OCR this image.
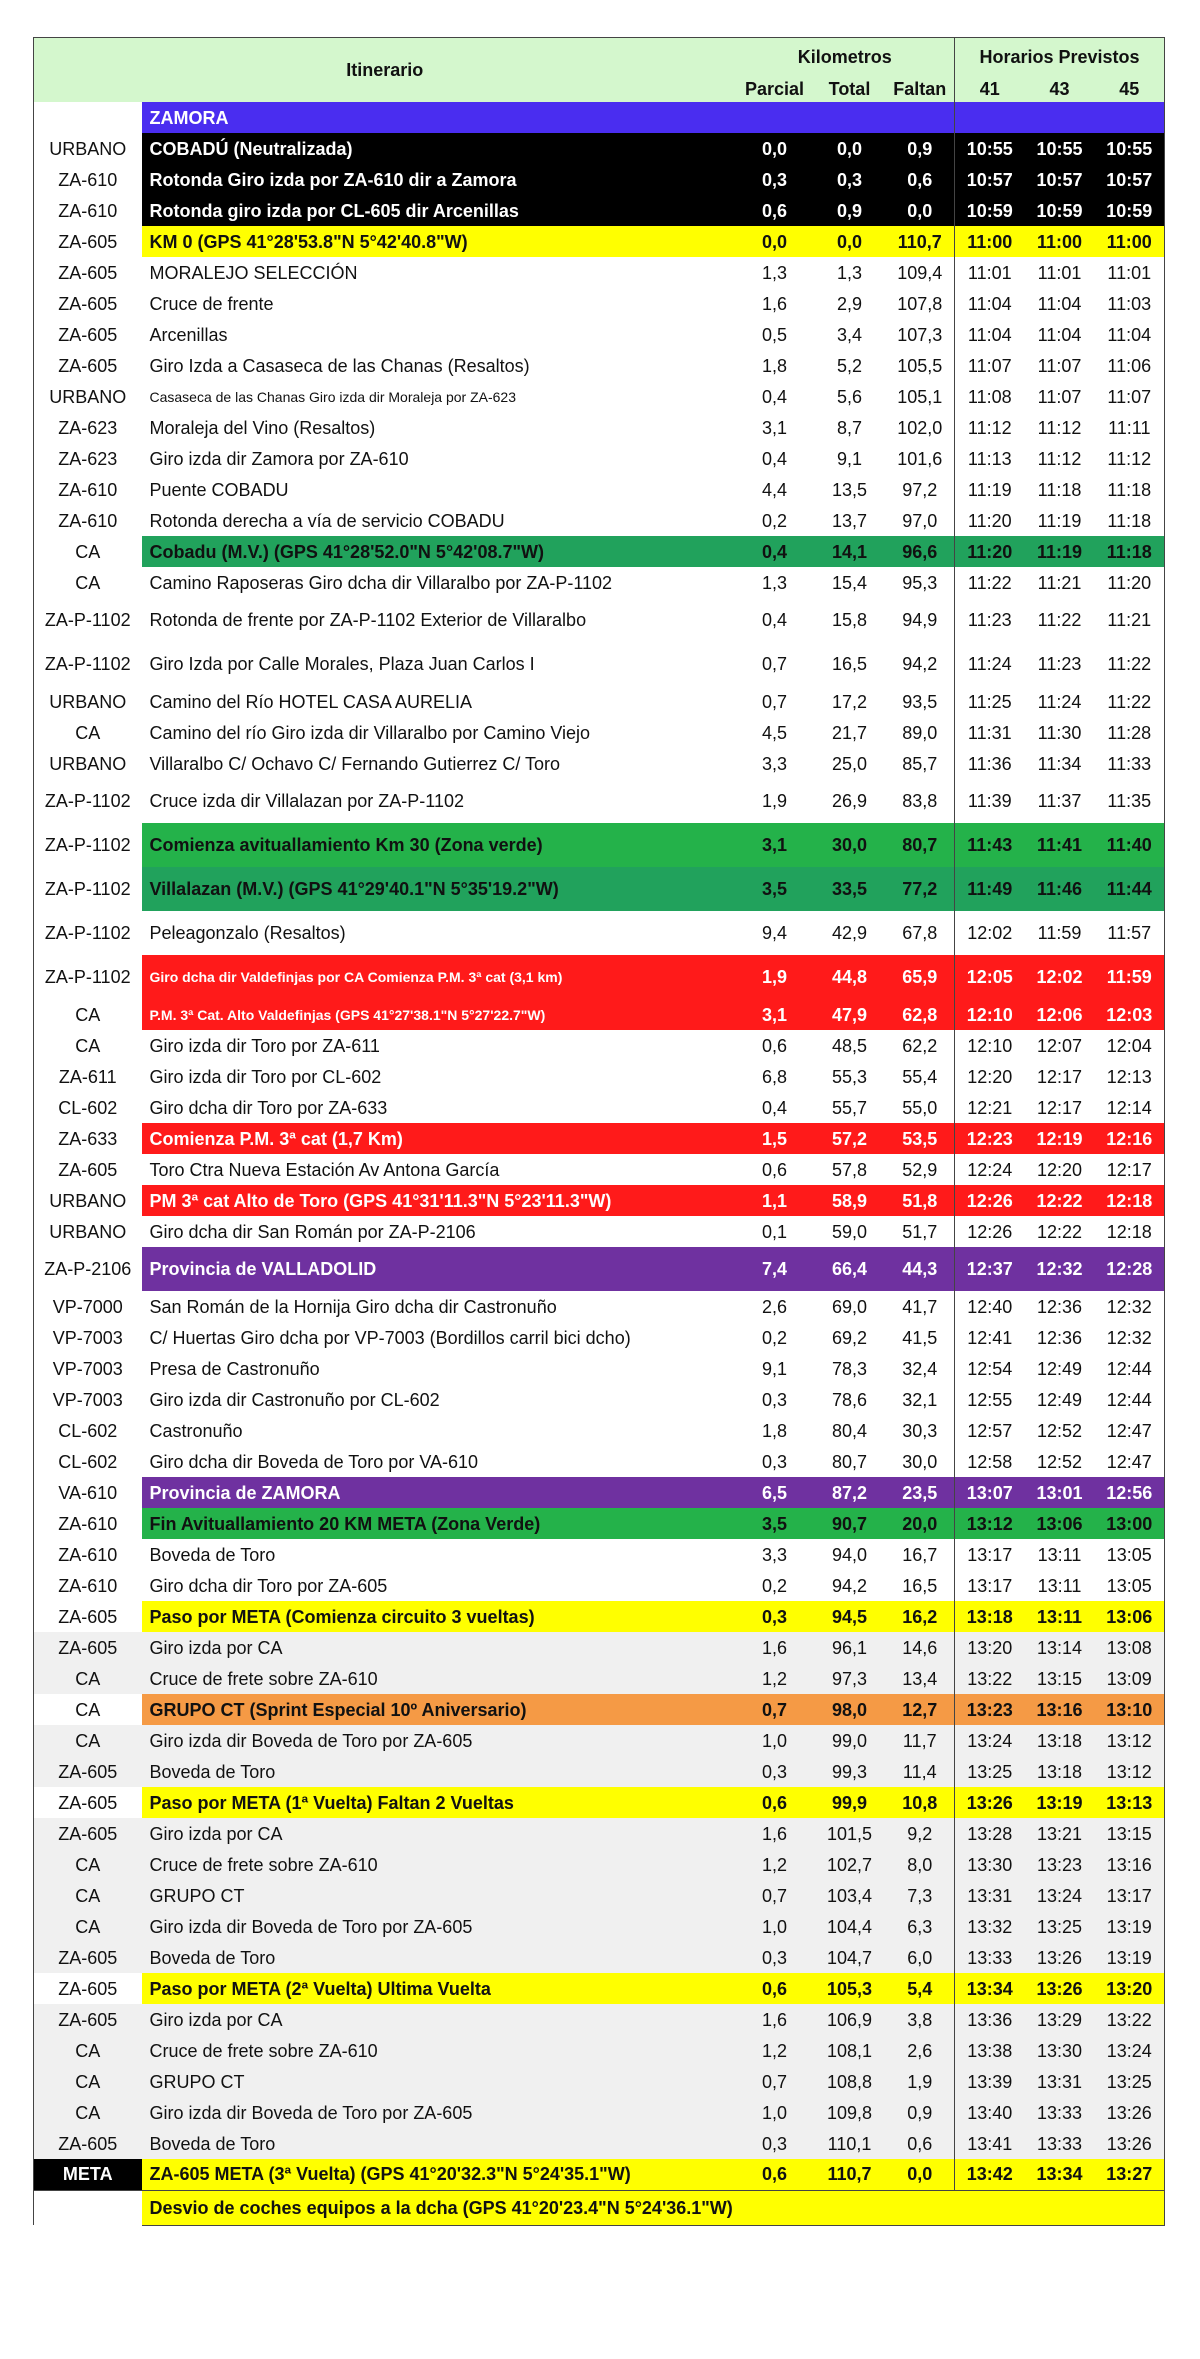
Itinerario		Kilometros			Horarios Previstos		
		Parcial	Total	Faltan	41	43	45
	ZAMORA						
URBANO	COBADÚ (Neutralizada)	0,0	0,0	0,9	10:55	10:55	10:55
ZA-610	Rotonda Giro izda por ZA-610 dir a Zamora	0,3	0,3	0,6	10:57	10:57	10:57
ZA-610	Rotonda giro izda por CL-605 dir Arcenillas	0,6	0,9	0,0	10:59	10:59	10:59
ZA-605	KM 0 (GPS 41°28'53.8"N 5°42'40.8"W)	0,0	0,0	110,7	11:00	11:00	11:00
ZA-605	MORALEJO SELECCIÓN	1,3	1,3	109,4	11:01	11:01	11:01
ZA-605	Cruce de frente	1,6	2,9	107,8	11:04	11:04	11:03
ZA-605	Arcenillas	0,5	3,4	107,3	11:04	11:04	11:04
ZA-605	Giro Izda a Casaseca de las Chanas (Resaltos)	1,8	5,2	105,5	11:07	11:07	11:06
URBANO	Casaseca de las Chanas Giro izda dir Moraleja por ZA-623	0,4	5,6	105,1	11:08	11:07	11:07
ZA-623	Moraleja del Vino (Resaltos)	3,1	8,7	102,0	11:12	11:12	11:11
ZA-623	Giro izda dir Zamora por ZA-610	0,4	9,1	101,6	11:13	11:12	11:12
ZA-610	Puente COBADU	4,4	13,5	97,2	11:19	11:18	11:18
ZA-610	Rotonda derecha a vía de servicio COBADU	0,2	13,7	97,0	11:20	11:19	11:18
CA	Cobadu (M.V.) (GPS 41°28'52.0"N 5°42'08.7"W)	0,4	14,1	96,6	11:20	11:19	11:18
CA	Camino Raposeras Giro dcha dir Villaralbo por ZA-P-1102	1,3	15,4	95,3	11:22	11:21	11:20
ZA-P-1102	Rotonda de frente por ZA-P-1102 Exterior de Villaralbo	0,4	15,8	94,9	11:23	11:22	11:21
ZA-P-1102	Giro Izda por Calle Morales, Plaza Juan Carlos I	0,7	16,5	94,2	11:24	11:23	11:22
URBANO	Camino del Río HOTEL CASA AURELIA	0,7	17,2	93,5	11:25	11:24	11:22
CA	Camino del río Giro izda dir Villaralbo por Camino Viejo	4,5	21,7	89,0	11:31	11:30	11:28
URBANO	Villaralbo C/ Ochavo C/ Fernando Gutierrez C/ Toro	3,3	25,0	85,7	11:36	11:34	11:33
ZA-P-1102	Cruce izda dir Villalazan por ZA-P-1102	1,9	26,9	83,8	11:39	11:37	11:35
ZA-P-1102	Comienza avituallamiento Km 30 (Zona verde)	3,1	30,0	80,7	11:43	11:41	11:40
ZA-P-1102	Villalazan (M.V.) (GPS 41°29'40.1"N 5°35'19.2"W)	3,5	33,5	77,2	11:49	11:46	11:44
ZA-P-1102	Peleagonzalo (Resaltos)	9,4	42,9	67,8	12:02	11:59	11:57
ZA-P-1102	Giro dcha dir Valdefinjas por CA Comienza P.M. 3ª cat (3,1 km)	1,9	44,8	65,9	12:05	12:02	11:59
CA	P.M. 3ª Cat. Alto Valdefinjas (GPS 41°27'38.1"N 5°27'22.7"W)	3,1	47,9	62,8	12:10	12:06	12:03
CA	Giro izda dir Toro por ZA-611	0,6	48,5	62,2	12:10	12:07	12:04
ZA-611	Giro izda dir Toro por CL-602	6,8	55,3	55,4	12:20	12:17	12:13
CL-602	Giro dcha dir Toro por ZA-633	0,4	55,7	55,0	12:21	12:17	12:14
ZA-633	Comienza P.M. 3ª cat (1,7 Km)	1,5	57,2	53,5	12:23	12:19	12:16
ZA-605	Toro Ctra Nueva Estación Av Antona García	0,6	57,8	52,9	12:24	12:20	12:17
URBANO	PM 3ª cat Alto de Toro (GPS 41°31'11.3"N 5°23'11.3"W)	1,1	58,9	51,8	12:26	12:22	12:18
URBANO	Giro dcha dir San Román por ZA-P-2106	0,1	59,0	51,7	12:26	12:22	12:18
ZA-P-2106	Provincia de VALLADOLID	7,4	66,4	44,3	12:37	12:32	12:28
VP-7000	San Román de la Hornija Giro dcha dir Castronuño	2,6	69,0	41,7	12:40	12:36	12:32
VP-7003	C/ Huertas Giro dcha por VP-7003 (Bordillos carril bici dcho)	0,2	69,2	41,5	12:41	12:36	12:32
VP-7003	Presa de Castronuño	9,1	78,3	32,4	12:54	12:49	12:44
VP-7003	Giro izda dir Castronuño por CL-602	0,3	78,6	32,1	12:55	12:49	12:44
CL-602	Castronuño	1,8	80,4	30,3	12:57	12:52	12:47
CL-602	Giro dcha dir Boveda de Toro por VA-610	0,3	80,7	30,0	12:58	12:52	12:47
VA-610	Provincia de ZAMORA	6,5	87,2	23,5	13:07	13:01	12:56
ZA-610	Fin Avituallamiento 20 KM META (Zona Verde)	3,5	90,7	20,0	13:12	13:06	13:00
ZA-610	Boveda de Toro	3,3	94,0	16,7	13:17	13:11	13:05
ZA-610	Giro dcha dir Toro por ZA-605	0,2	94,2	16,5	13:17	13:11	13:05
ZA-605	Paso por META (Comienza circuito 3 vueltas)	0,3	94,5	16,2	13:18	13:11	13:06
ZA-605	Giro izda por CA	1,6	96,1	14,6	13:20	13:14	13:08
CA	Cruce de frete sobre ZA-610	1,2	97,3	13,4	13:22	13:15	13:09
CA	GRUPO CT (Sprint Especial 10º Aniversario)	0,7	98,0	12,7	13:23	13:16	13:10
CA	Giro izda dir Boveda de Toro por ZA-605	1,0	99,0	11,7	13:24	13:18	13:12
ZA-605	Boveda de Toro	0,3	99,3	11,4	13:25	13:18	13:12
ZA-605	Paso por META (1ª Vuelta) Faltan 2 Vueltas	0,6	99,9	10,8	13:26	13:19	13:13
ZA-605	Giro izda por CA	1,6	101,5	9,2	13:28	13:21	13:15
CA	Cruce de frete sobre ZA-610	1,2	102,7	8,0	13:30	13:23	13:16
CA	GRUPO CT	0,7	103,4	7,3	13:31	13:24	13:17
CA	Giro izda dir Boveda de Toro por ZA-605	1,0	104,4	6,3	13:32	13:25	13:19
ZA-605	Boveda de Toro	0,3	104,7	6,0	13:33	13:26	13:19
ZA-605	Paso por META (2ª Vuelta) Ultima Vuelta	0,6	105,3	5,4	13:34	13:26	13:20
ZA-605	Giro izda por CA	1,6	106,9	3,8	13:36	13:29	13:22
CA	Cruce de frete sobre ZA-610	1,2	108,1	2,6	13:38	13:30	13:24
CA	GRUPO CT	0,7	108,8	1,9	13:39	13:31	13:25
CA	Giro izda dir Boveda de Toro por ZA-605	1,0	109,8	0,9	13:40	13:33	13:26
ZA-605	Boveda de Toro	0,3	110,1	0,6	13:41	13:33	13:26
META	ZA-605 META (3ª Vuelta) (GPS 41°20'32.3"N 5°24'35.1"W)	0,6	110,7	0,0	13:42	13:34	13:27
	Desvio de coches equipos a la dcha (GPS 41°20'23.4"N 5°24'36.1"W)						
